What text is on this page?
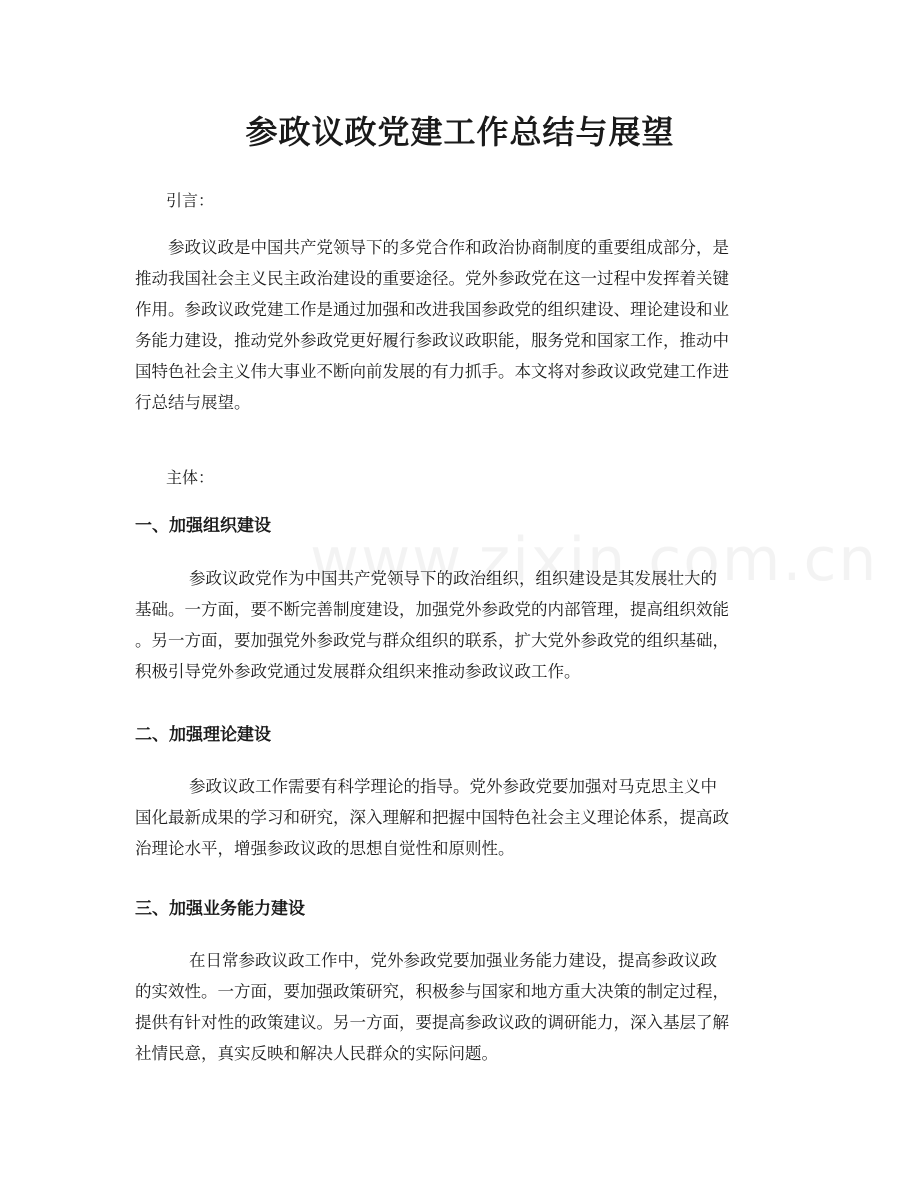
参政议政党建工作总结与展望
引言：
参政议政是中国共产党领导下的多党合作和政治协商制度的重要组成部分，是
推动我国社会主义民主政治建设的重要途径。党外参政党在这一过程中发挥着关键
作用。参政议政党建工作是通过加强和改进我国参政党的组织建设、理论建设和业
务能力建设，推动党外参政党更好履行参政议政职能，服务党和国家工作，推动中
国特色社会主义伟大事业不断向前发展的有力抓手。本文将对参政议政党建工作进
行总结与展望。
主体：
一、加强组织建设
参政议政党作为中国共产党领导下的政治组织，组织建设是其发展壮大的
基础。一方面，要不断完善制度建设，加强党外参政党的内部管理，提高组织效能
。另一方面，要加强党外参政党与群众组织的联系，扩大党外参政党的组织基础，
积极引导党外参政党通过发展群众组织来推动参政议政工作。
二、加强理论建设
参政议政工作需要有科学理论的指导。党外参政党要加强对马克思主义中
国化最新成果的学习和研究，深入理解和把握中国特色社会主义理论体系，提高政
治理论水平，增强参政议政的思想自觉性和原则性。
三、加强业务能力建设
在日常参政议政工作中，党外参政党要加强业务能力建设，提高参政议政
的实效性。一方面，要加强政策研究，积极参与国家和地方重大决策的制定过程，
提供有针对性的政策建议。另一方面，要提高参政议政的调研能力，深入基层了解
社情民意，真实反映和解决人民群众的实际问题。
